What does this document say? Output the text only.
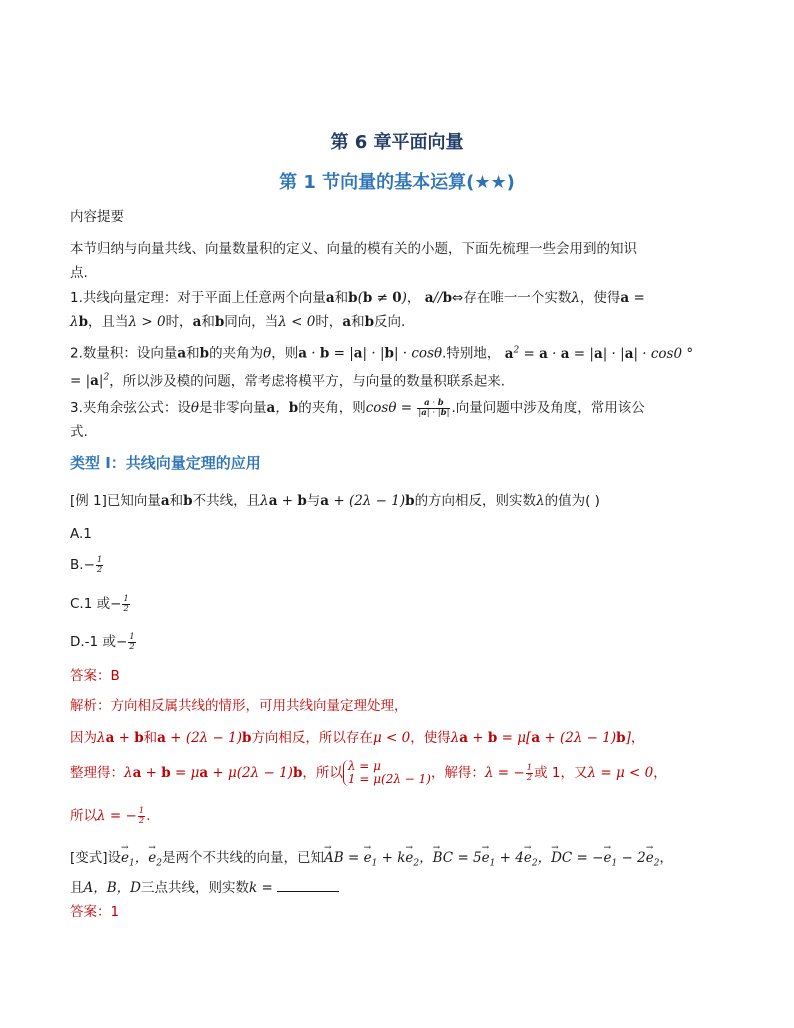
第 6 章平面向量
第 1 节向量的基本运算(★★)
内容提要
本节归纳与向量共线、向量数量积的定义、向量的模有关的小题，下面先梳理一些会用到的知识
点.
1.共线向量定理：对于平面上任意两个向量a和b(b ≠ 0)， a//b⇔存在唯一一个实数λ，使得a =
λb，且当λ > 0时，a和b同向，当λ < 0时，a和b反向.
2.数量积：设向量a和b的夹角为θ，则a · b = |a| · |b| · cosθ.特别地， $a^2 = a \cdot a = |a| \cdot |a| \cdot \cos 0$ °
= $|a|^2$，所以涉及模的问题，常考虑将模平方，与向量的数量积联系起来.
3.夹角余弦公式：设θ是非零向量a，b的夹角，则$\cos\theta = \frac{a \cdot b}{|a| \cdot |b|}$ .向量问题中涉及角度，常用该公
式.
类型 I：共线向量定理的应用
[例 1]已知向量a和b不共线，且λa + b与a + (2λ − 1)b的方向相反，则实数λ的值为( )
A.1
$B.- \frac{1}{2}$
C.1 或− $\frac{1}{2}$
D.-1 或− $\frac{1}{2}$
答案：B
解析：方向相反属共线的情形，可用共线向量定理处理，
因为λa + b和a + (2λ − 1)b方向相反，所以存在μ < 0，使得λa + b = μ[a + (2λ − 1)b]，
整理得：λa + b = μa + μ(2λ − 1)b，所以 λ = μ
1 = μ(2λ − 1)，解得：λ = − $\frac{1}{2}$ 或 1，又λ = μ < 0，
所以λ = − $\frac{1}{2}$ .
[变式]设→ $e_1$，→ $e_2$是两个不共线的向量，已知→ AB = → $e_1 + k\to e_2$，→ BC = $5\to e_1 + 4\to e_2$，→ DC = −→ $e_1 - 2\to e_2$，
且A，B，D三点共线，则实数k =
答案：1
